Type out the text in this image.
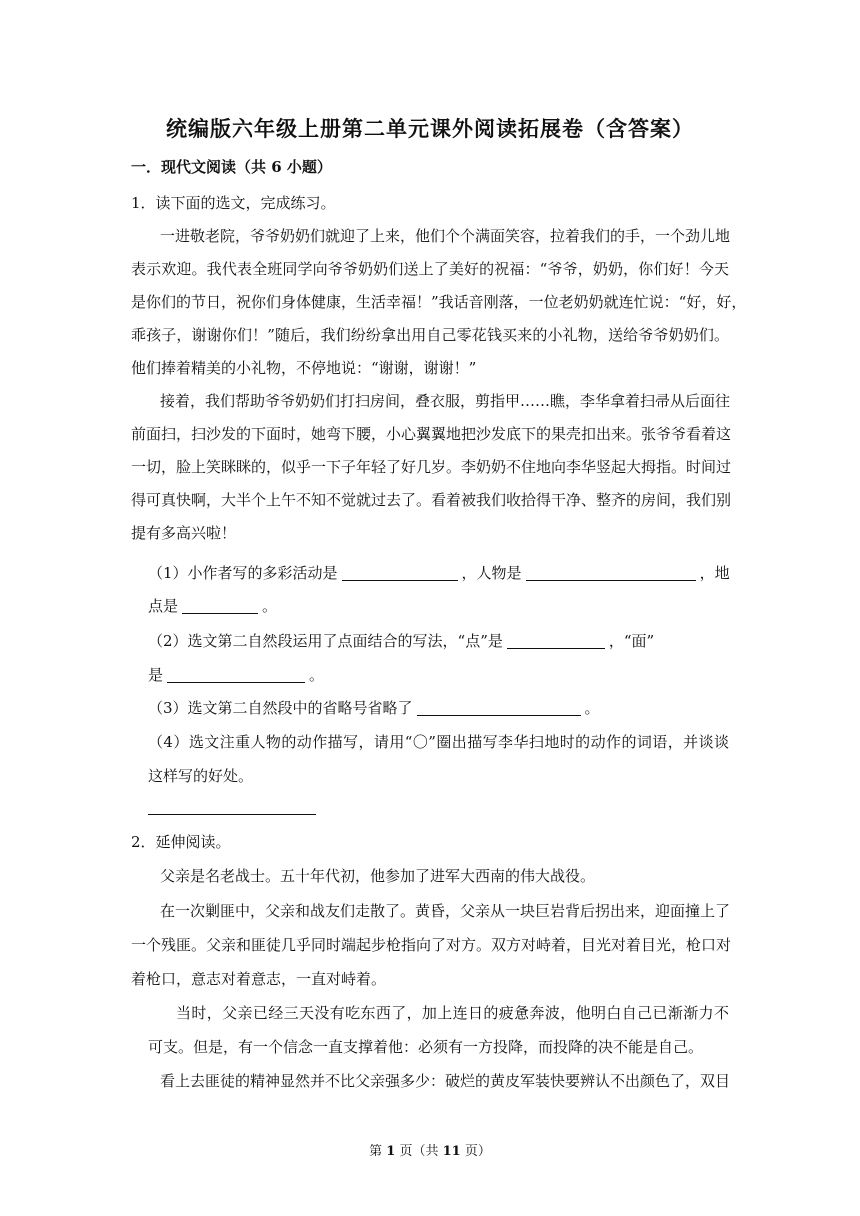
统编版六年级上册第二单元课外阅读拓展卷（含答案）
一．现代文阅读（共 6 小题）
1．读下面的选文，完成练习。
一进敬老院，爷爷奶奶们就迎了上来，他们个个满面笑容，拉着我们的手，一个劲儿地
表示欢迎。我代表全班同学向爷爷奶奶们送上了美好的祝福：“爷爷，奶奶，你们好！今天
是你们的节日，祝你们身体健康，生活幸福！”我话音刚落，一位老奶奶就连忙说：“好，好，
乖孩子，谢谢你们！”随后，我们纷纷拿出用自己零花钱买来的小礼物，送给爷爷奶奶们。
他们捧着精美的小礼物，不停地说：“谢谢，谢谢！”
接着，我们帮助爷爷奶奶们打扫房间，叠衣服，剪指甲……瞧，李华拿着扫帚从后面往
前面扫，扫沙发的下面时，她弯下腰，小心翼翼地把沙发底下的果壳扣出来。张爷爷看着这
一切，脸上笑眯眯的，似乎一下子年轻了好几岁。李奶奶不住地向李华竖起大拇指。时间过
得可真快啊，大半个上午不知不觉就过去了。看着被我们收拾得干净、整齐的房间，我们别
提有多高兴啦！
（1）小作者写的多彩活动是	，人物是	，地
点是	。
（2）选文第二自然段运用了点面结合的写法，“点”是	，“面”
是	。
（3）选文第二自然段中的省略号省略了	。
（4）选文注重人物的动作描写，请用“〇”圈出描写李华扫地时的动作的词语，并谈谈
这样写的好处。
2．延伸阅读。
父亲是名老战士。五十年代初，他参加了进军大西南的伟大战役。
在一次剿匪中，父亲和战友们走散了。黄昏，父亲从一块巨岩背后拐出来，迎面撞上了
一个残匪。父亲和匪徒几乎同时端起步枪指向了对方。双方对峙着，目光对着目光，枪口对
着枪口，意志对着意志，一直对峙着。
当时，父亲已经三天没有吃东西了，加上连日的疲惫奔波，他明白自己已渐渐力不
可支。但是，有一个信念一直支撑着他：必须有一方投降，而投降的决不能是自己。
看上去匪徒的精神显然并不比父亲强多少：破烂的黄皮军装快要辨认不出颜色了，双目
第 1 页（共 11 页）
